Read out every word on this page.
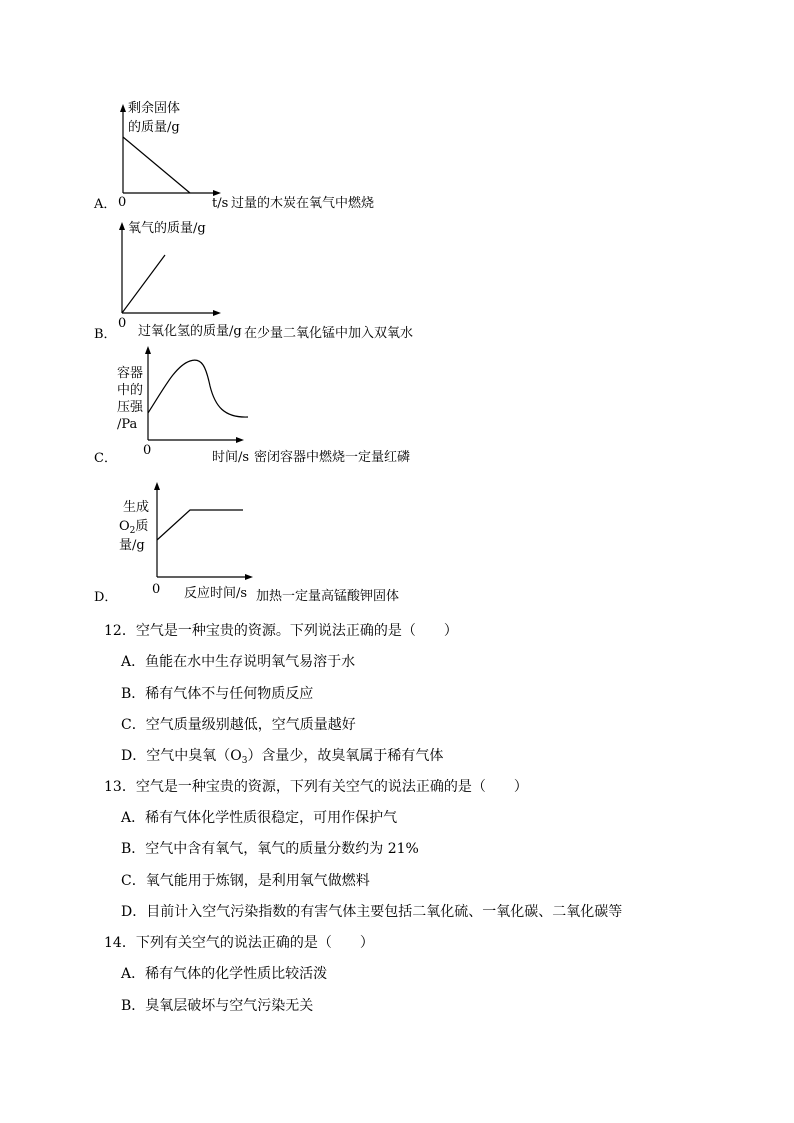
剩余固体
的质量/g
A． 0	t/s 过量的木炭在氧气中燃烧
氧气的质量/g
B．
0
过氧化氢的质量/g 在少量二氧化锰中加入双氧水
容器
中的
压强
/Pa
C．
0	时间/s 密闭容器中燃烧一定量红磷
生成
$O_2$质
量/g
D．
0 反应时间/s 加热一定量高锰酸钾固体
12．空气是一种宝贵的资源。下列说法正确的是（　　）
A．鱼能在水中生存说明氧气易溶于水
B．稀有气体不与任何物质反应
C．空气质量级别越低，空气质量越好
D．空气中臭氧$(O_3)$含量少，故臭氧属于稀有气体
13．空气是一种宝贵的资源，下列有关空气的说法正确的是（　　）
A．稀有气体化学性质很稳定，可用作保护气
B．空气中含有氧气，氧气的质量分数约为 21%
C．氧气能用于炼钢，是利用氧气做燃料
D．目前计入空气污染指数的有害气体主要包括二氧化硫、一氧化碳、二氧化碳等
14．下列有关空气的说法正确的是（　　）
A．稀有气体的化学性质比较活泼
B．臭氧层破坏与空气污染无关
